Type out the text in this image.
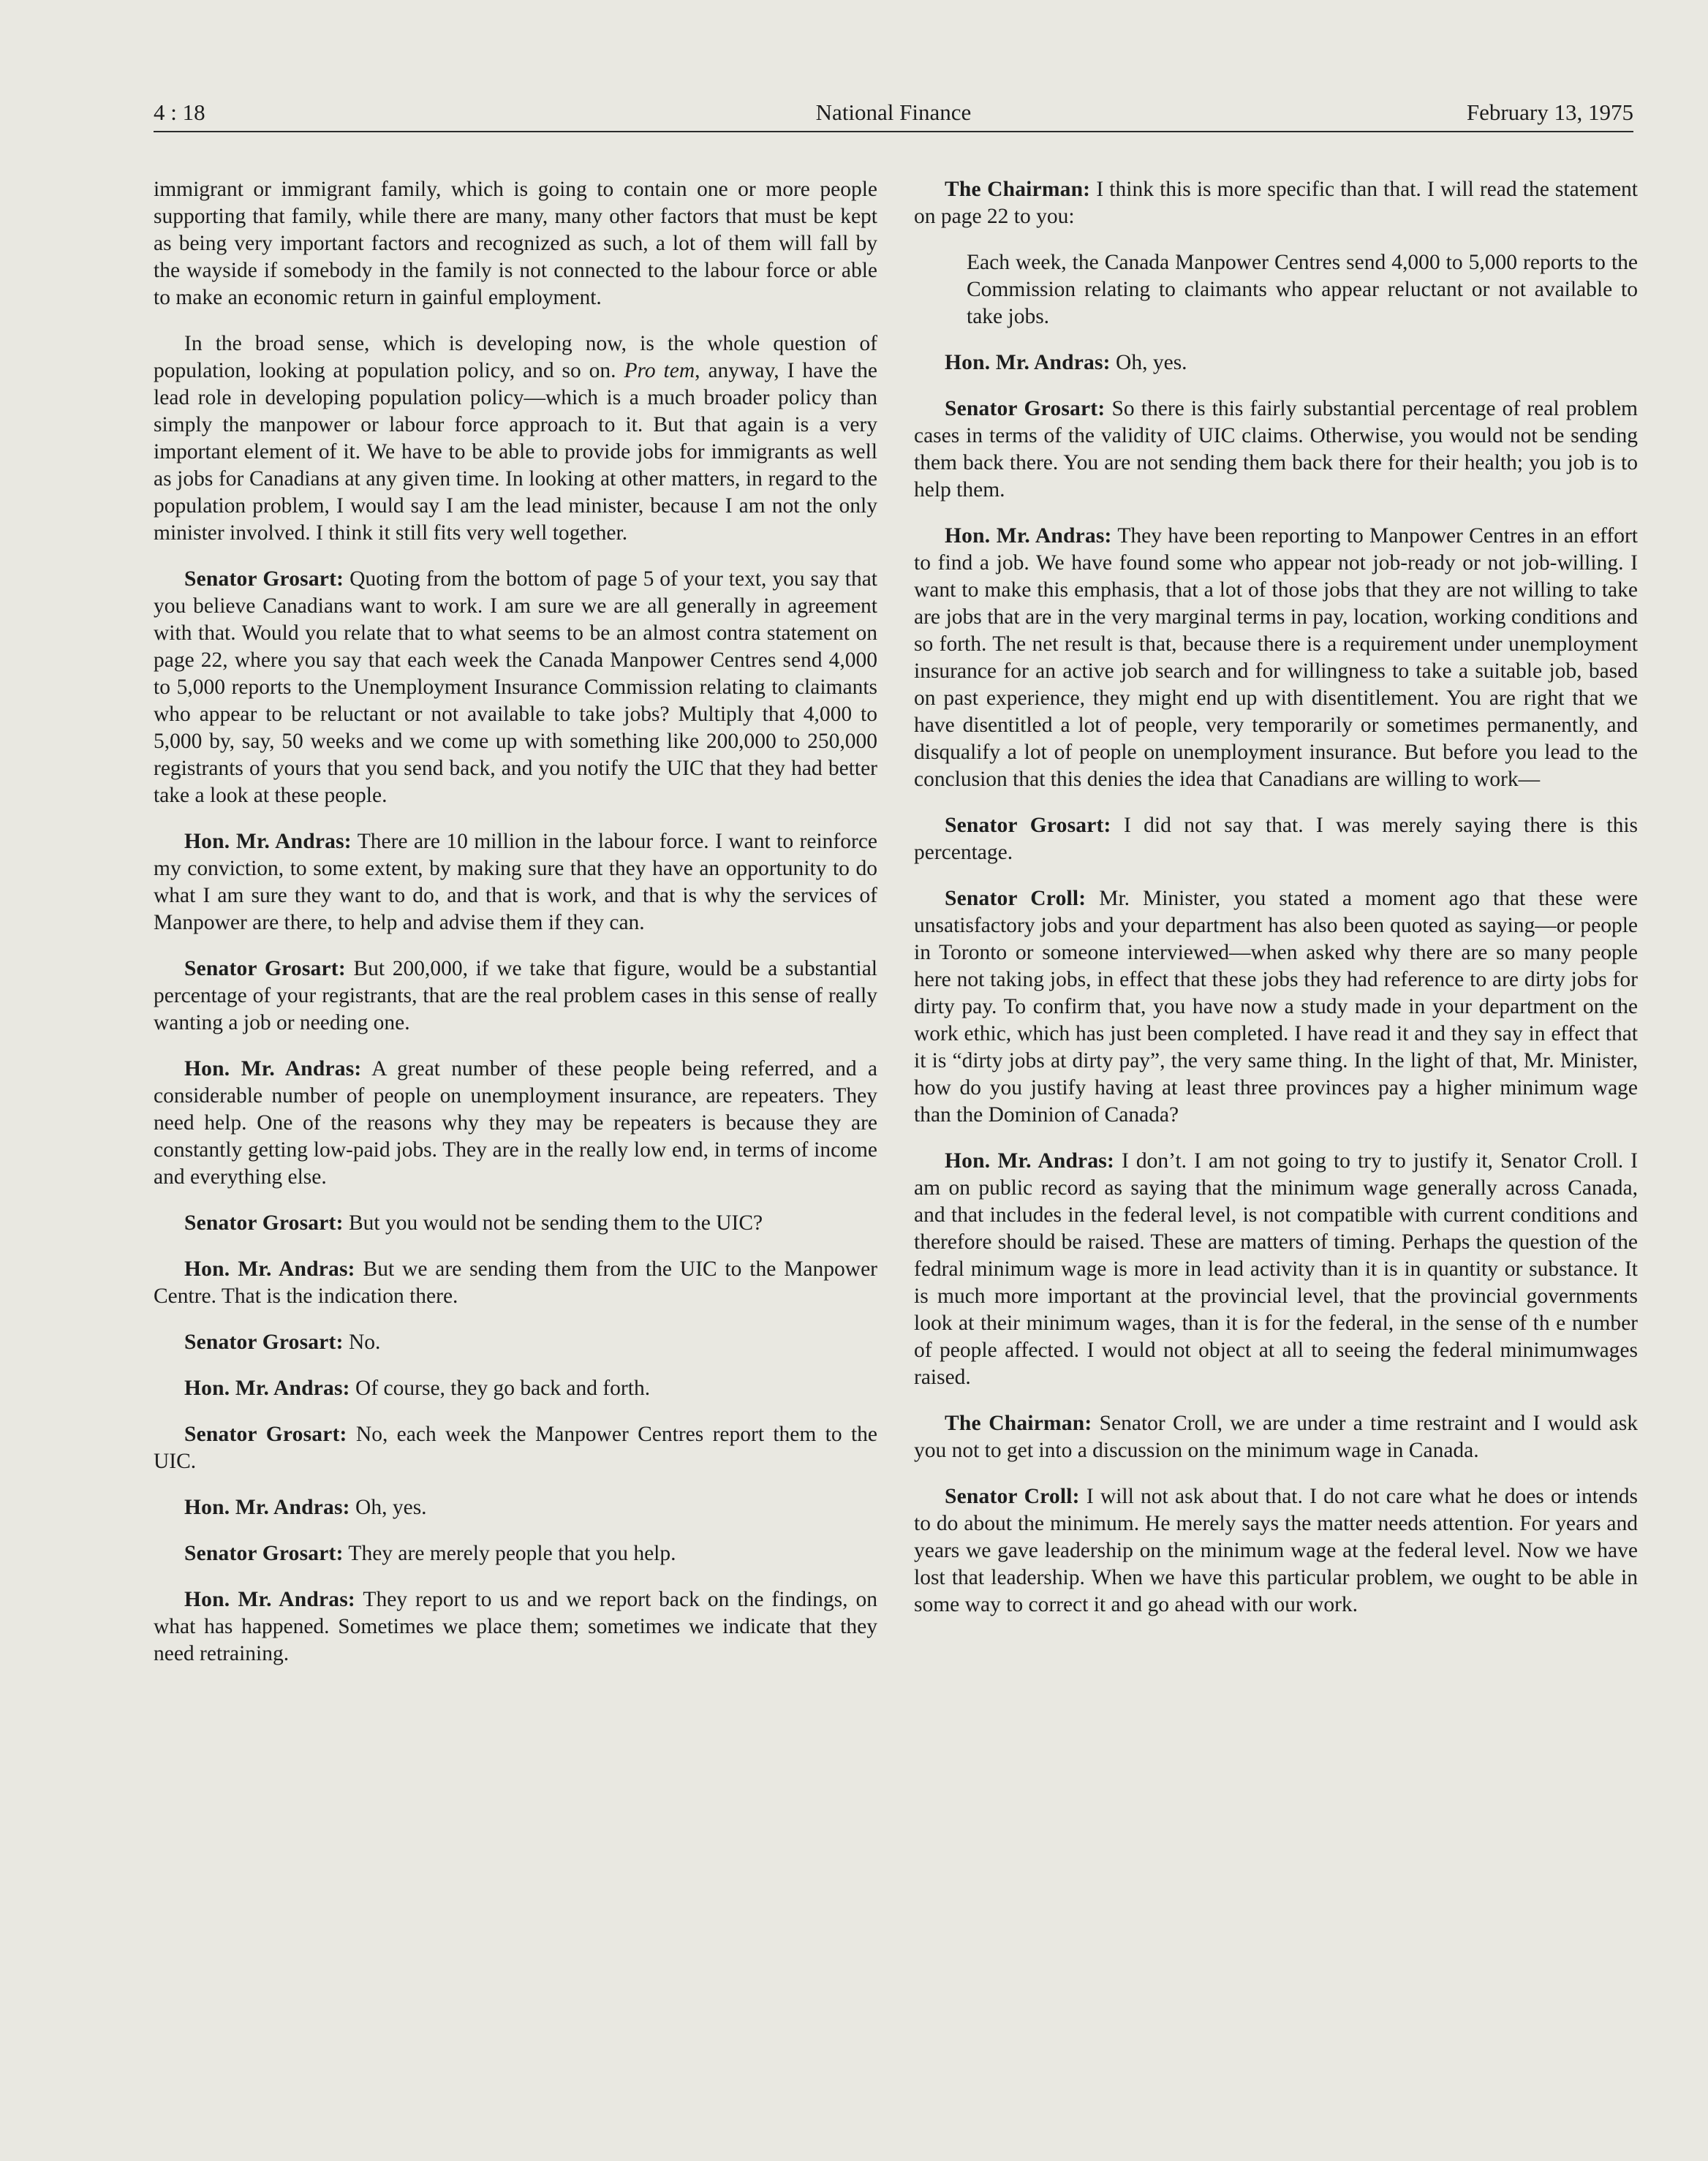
4 : 18	National Finance	February 13, 1975

immigrant or immigrant family, which is going to contain one or more people supporting that family, while there are many, many other factors that must be kept as being very important factors and recognized as such, a lot of them will fall by the wayside if somebody in the family is not connected to the labour force or able to make an economic return in gainful employment.

In the broad sense, which is developing now, is the whole question of population, looking at population policy, and so on. Pro tem, anyway, I have the lead role in developing population policy—which is a much broader policy than simply the manpower or labour force approach to it. But that again is a very important element of it. We have to be able to provide jobs for immigrants as well as jobs for Canadians at any given time. In looking at other matters, in regard to the population problem, I would say I am the lead minister, because I am not the only minister involved. I think it still fits very well together.

Senator Grosart: Quoting from the bottom of page 5 of your text, you say that you believe Canadians want to work. I am sure we are all generally in agreement with that. Would you relate that to what seems to be an almost contra statement on page 22, where you say that each week the Canada Manpower Centres send 4,000 to 5,000 reports to the Unemployment Insurance Commission relating to claimants who appear to be reluctant or not available to take jobs? Multiply that 4,000 to 5,000 by, say, 50 weeks and we come up with something like 200,000 to 250,000 registrants of yours that you send back, and you notify the UIC that they had better take a look at these people.

Hon. Mr. Andras: There are 10 million in the labour force. I want to reinforce my conviction, to some extent, by making sure that they have an opportunity to do what I am sure they want to do, and that is work, and that is why the services of Manpower are there, to help and advise them if they can.

Senator Grosart: But 200,000, if we take that figure, would be a substantial percentage of your registrants, that are the real problem cases in this sense of really wanting a job or needing one.

Hon. Mr. Andras: A great number of these people being referred, and a considerable number of people on unemployment insurance, are repeaters. They need help. One of the reasons why they may be repeaters is because they are constantly getting low-paid jobs. They are in the really low end, in terms of income and everything else.

Senator Grosart: But you would not be sending them to the UIC?

Hon. Mr. Andras: But we are sending them from the UIC to the Manpower Centre. That is the indication there.

Senator Grosart: No.

Hon. Mr. Andras: Of course, they go back and forth.

Senator Grosart: No, each week the Manpower Centres report them to the UIC.

Hon. Mr. Andras: Oh, yes.

Senator Grosart: They are merely people that you help.

Hon. Mr. Andras: They report to us and we report back on the findings, on what has happened. Sometimes we place them; sometimes we indicate that they need retraining.

The Chairman: I think this is more specific than that. I will read the statement on page 22 to you:

Each week, the Canada Manpower Centres send 4,000 to 5,000 reports to the Commission relating to claimants who appear reluctant or not available to take jobs.

Hon. Mr. Andras: Oh, yes.

Senator Grosart: So there is this fairly substantial percentage of real problem cases in terms of the validity of UIC claims. Otherwise, you would not be sending them back there. You are not sending them back there for their health; you job is to help them.

Hon. Mr. Andras: They have been reporting to Manpower Centres in an effort to find a job. We have found some who appear not job-ready or not job-willing. I want to make this emphasis, that a lot of those jobs that they are not willing to take are jobs that are in the very marginal terms in pay, location, working conditions and so forth. The net result is that, because there is a requirement under unemployment insurance for an active job search and for willingness to take a suitable job, based on past experience, they might end up with disentitlement. You are right that we have disentitled a lot of people, very temporarily or sometimes permanently, and disqualify a lot of people on unemployment insurance. But before you lead to the conclusion that this denies the idea that Canadians are willing to work—

Senator Grosart: I did not say that. I was merely saying there is this percentage.

Senator Croll: Mr. Minister, you stated a moment ago that these were unsatisfactory jobs and your department has also been quoted as saying—or people in Toronto or someone interviewed—when asked why there are so many people here not taking jobs, in effect that these jobs they had reference to are dirty jobs for dirty pay. To confirm that, you have now a study made in your department on the work ethic, which has just been completed. I have read it and they say in effect that it is “dirty jobs at dirty pay”, the very same thing. In the light of that, Mr. Minister, how do you justify having at least three provinces pay a higher minimum wage than the Dominion of Canada?

Hon. Mr. Andras: I don’t. I am not going to try to justify it, Senator Croll. I am on public record as saying that the minimum wage generally across Canada, and that includes in the federal level, is not compatible with current conditions and therefore should be raised. These are matters of timing. Perhaps the question of the fedral minimum wage is more in lead activity than it is in quantity or substance. It is much more important at the provincial level, that the provincial governments look at their minimum wages, than it is for the federal, in the sense of th e number of people affected. I would not object at all to seeing the federal minimumwages raised.

The Chairman: Senator Croll, we are under a time restraint and I would ask you not to get into a discussion on the minimum wage in Canada.

Senator Croll: I will not ask about that. I do not care what he does or intends to do about the minimum. He merely says the matter needs attention. For years and years we gave leadership on the minimum wage at the federal level. Now we have lost that leadership. When we have this particular problem, we ought to be able in some way to correct it and go ahead with our work.
